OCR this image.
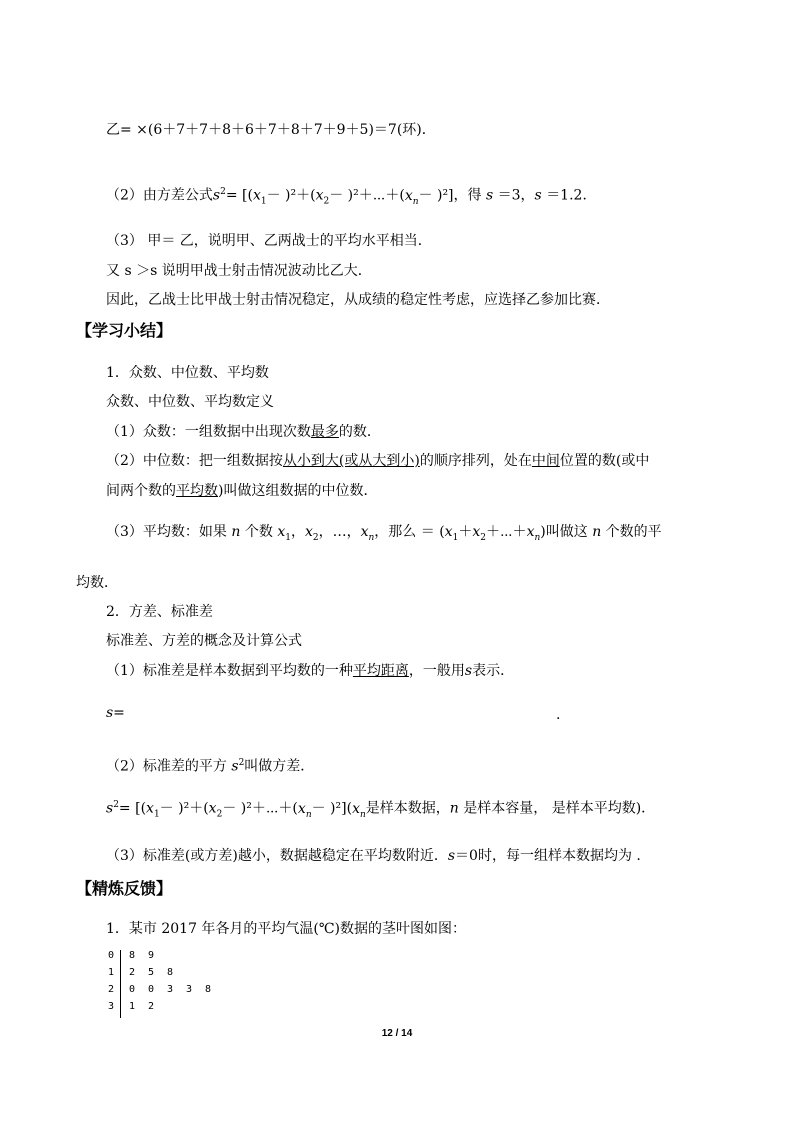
乙= ×(6＋7＋7＋8＋6＋7＋8＋7＋9＋5)＝7(环)．
（2）由方差公式$s^2= [(x_1- )^2+(x_2-$ )$^2+\cdots+(x_n- )^2$]，得 s ＝3，s ＝1.2．
（3） 甲＝ 乙，说明甲、乙两战士的平均水平相当．
又 s ＞s 说明甲战士射击情况波动比乙大．
因此，乙战士比甲战士射击情况稳定，从成绩的稳定性考虑，应选择乙参加比赛．
【学习小结】
1．众数、中位数、平均数
众数、中位数、平均数定义
（1）众数：一组数据中出现次数最多的数．
（2）中位数：把一组数据按从小到大(或从大到小)的顺序排列，处在中间位置的数(或中
间两个数的平均数)叫做这组数据的中位数．
（3）平均数：如果 n 个数 $x_1$，$x_2$，…，$x_n$，那么 ＝ $(x_1+x_2+\cdots+x_n)$叫做这 n 个数的平
均数．
2．方差、标准差
标准差、方差的概念及计算公式
（1）标准差是样本数据到平均数的一种平均距离，一般用s表示．
s=	.
（2）标准差的平方 $s^2$叫做方差．
$s^2= [(x_1- )^2+(x_2-$ )$^2+\cdots+(x_n- )^2](x_n$是样本数据，n 是样本容量， 是样本平均数)．
（3）标准差(或方差)越小，数据越稳定在平均数附近．s＝0时，每一组样本数据均为 .
【精炼反馈】
1．某市 2017 年各月的平均气温(℃)数据的茎叶图如图：
0 8 9
1 2 5 8
2 0 0 3 3 8
3 1 2
12 / 14
